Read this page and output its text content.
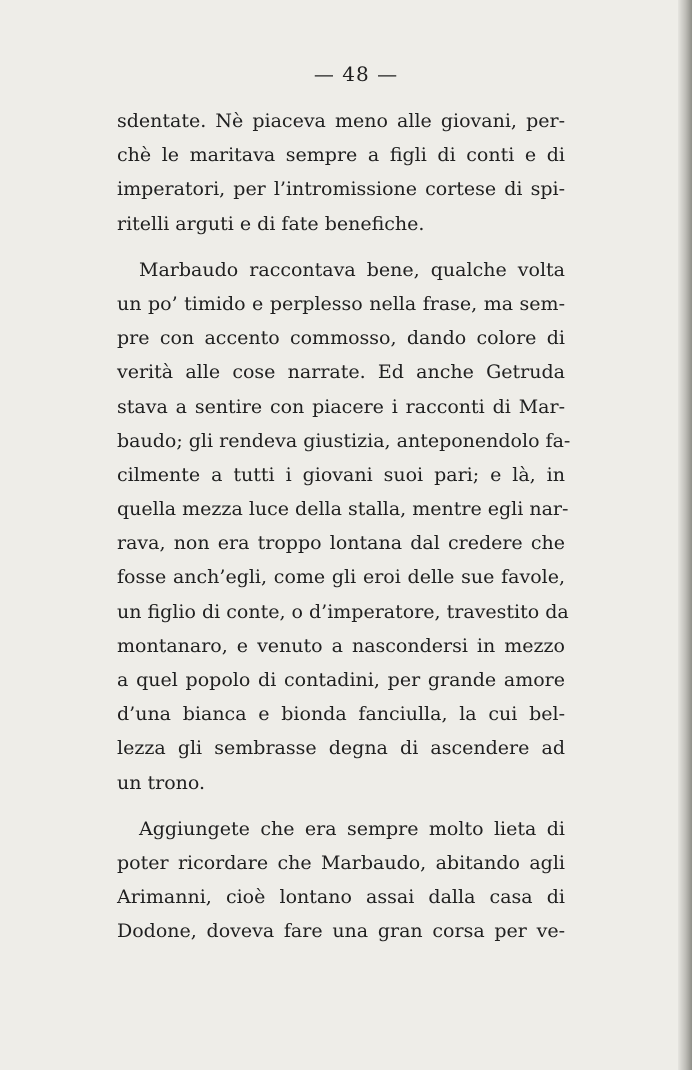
— 48 —
sdentate. Nè piaceva meno alle giovani, per-
chè le maritava sempre a figli di conti e di
imperatori, per l’intromissione cortese di spi-
ritelli arguti e di fate benefiche.
Marbaudo raccontava bene, qualche volta
un po’ timido e perplesso nella frase, ma sem-
pre con accento commosso, dando colore di
verità alle cose narrate. Ed anche Getruda
stava a sentire con piacere i racconti di Mar-
baudo; gli rendeva giustizia, anteponendolo fa-
cilmente a tutti i giovani suoi pari; e là, in
quella mezza luce della stalla, mentre egli nar-
rava, non era troppo lontana dal credere che
fosse anch’egli, come gli eroi delle sue favole,
un figlio di conte, o d’imperatore, travestito da
montanaro, e venuto a nascondersi in mezzo
a quel popolo di contadini, per grande amore
d’una bianca e bionda fanciulla, la cui bel-
lezza gli sembrasse degna di ascendere ad
un trono.
Aggiungete che era sempre molto lieta di
poter ricordare che Marbaudo, abitando agli
Arimanni, cioè lontano assai dalla casa di
Dodone, doveva fare una gran corsa per ve-
